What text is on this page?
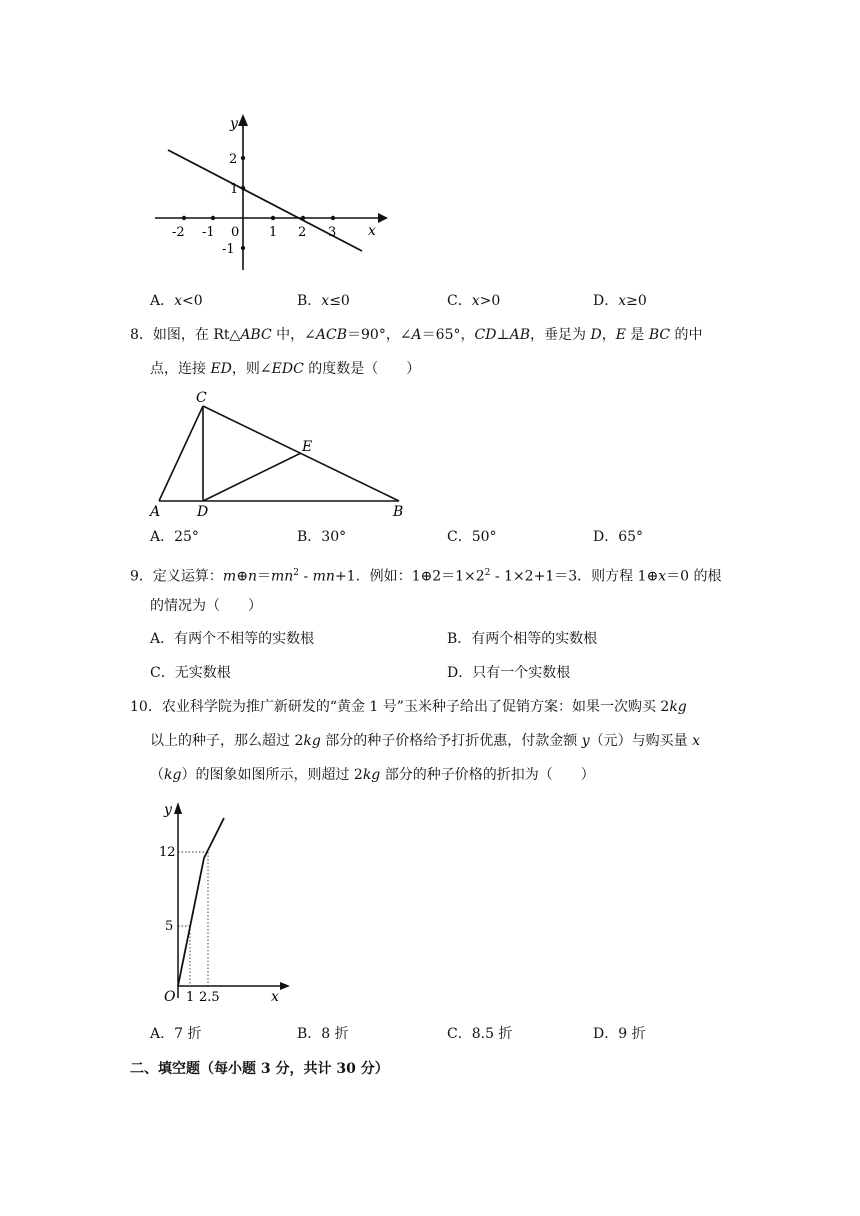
y
x
-2 -1 0 1 2 3
2
1
-1
A．x<0	B．x≤0	C．x>0	D．x≥0
8．如图，在 Rt△ABC 中，∠ACB＝90°，∠A＝65°，CD⊥AB，垂足为 D，E 是 BC 的中
点，连接 ED，则∠EDC 的度数是（　　）
C
E
A	D	B
A．25°	B．30°	C．50°	D．65°
9．定义运算：$m\oplus n=mn^2 - mn+1$．例如：$1\oplus 2=1\times 2^2 - 1\times 2+1=3$．则方程 1⊕x＝0 的根
的情况为（　　）
A．有两个不相等的实数根	B．有两个相等的实数根
C．无实数根	D．只有一个实数根
10．农业科学院为推广新研发的“黄金 1 号”玉米种子给出了促销方案：如果一次购买 2kg
以上的种子，那么超过 2kg 部分的种子价格给予打折优惠，付款金额 y（元）与购买量 x
（kg）的图象如图所示，则超过 2kg 部分的种子价格的折扣为（　　）
y
12
5
O 1 2.5	x
A．7 折	B．8 折	C．8.5 折	D．9 折
二、填空题（每小题 3 分，共计 30 分）
